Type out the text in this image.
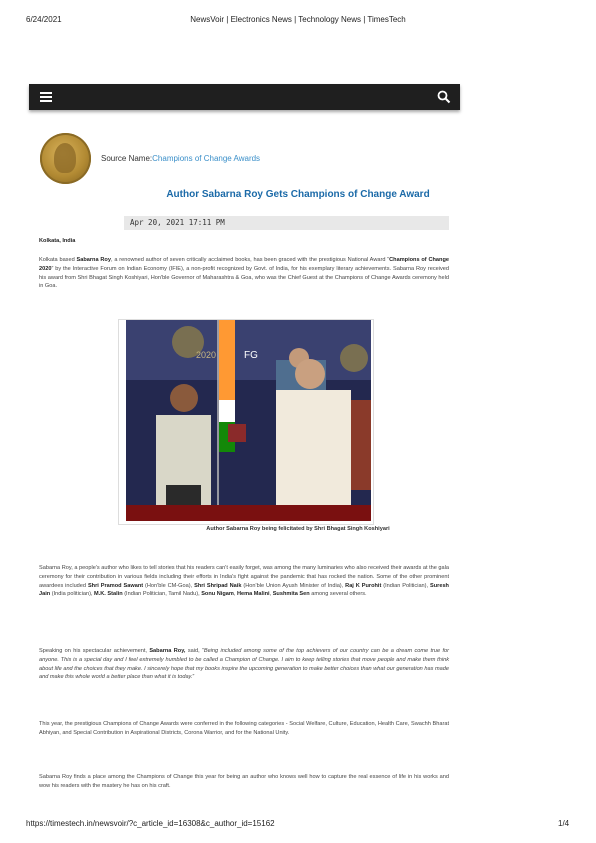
6/24/2021	NewsVoir | Electronics News | Technology News | TimesTech
Source Name:Champions of Change Awards
Author Sabarna Roy Gets Champions of Change Award
Apr 20, 2021 17:11 PM
Kolkata, India
Kolkata based Sabarna Roy, a renowned author of seven critically acclaimed books, has been graced with the prestigious National Award “Champions of Change 2020” by the Interactive Forum on Indian Economy (IFIE), a non-profit recognized by Govt. of India, for his exemplary literary achievements. Sabarna Roy received his award from Shri Bhagat Singh Koshiyari, Hon'ble Governor of Maharashtra & Goa, who was the Chief Guest at the Champions of Change Awards ceremony held in Goa.
2020	FG
Author Sabarna Roy being felicitated by Shri Bhagat Singh Koshiyari
Sabarna Roy, a people's author who likes to tell stories that his readers can't easily forget, was among the many luminaries who also received their awards at the gala ceremony for their contribution in various fields including their efforts in India's fight against the pandemic that has rocked the nation. Some of the other prominent awardees included Shri Pramod Sawant (Hon'ble CM-Goa), Shri Shripad Naik (Hon'ble Union Ayush Minister of India), Raj K Purohit (Indian Politician), Suresh Jain (India politician), M.K. Stalin (Indian Politician, Tamil Nadu), Sonu Nigam, Hema Malini, Sushmita Sen among several others.
Speaking on his spectacular achievement, Sabarna Roy, said, “Being included among some of the top achievers of our country can be a dream come true for anyone. This is a special day and I feel extremely humbled to be called a Champion of Change. I aim to keep telling stories that move people and make them think about life and the choices that they make. I sincerely hope that my books inspire the upcoming generation to make better choices than what our generation has made and make this whole world a better place than what it is today.”
This year, the prestigious Champions of Change Awards were conferred in the following categories - Social Welfare, Culture, Education, Health Care, Swachh Bharat Abhiyan, and Special Contribution in Aspirational Districts, Corona Warrior, and for the National Unity.
Sabarna Roy finds a place among the Champions of Change this year for being an author who knows well how to capture the real essence of life in his works and wow his readers with the mastery he has on his craft.
https://timestech.in/newsvoir/?c_article_id=16308&c_author_id=15162	1/4
